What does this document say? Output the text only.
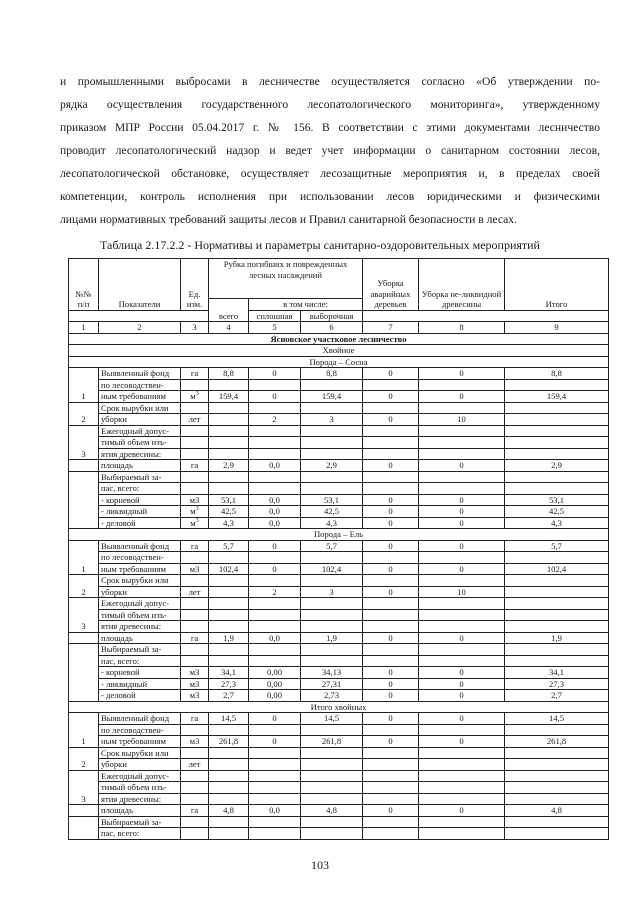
и промышленными выбросами в лесничестве осуществляется согласно «Об утверждении по-
рядка осуществления государственного лесопатологического мониторинга», утвержденному
приказом МПР России 05.04.2017 г. № 156. В соответствии с этими документами лесничество
проводит лесопатологический надзор и ведет учет информации о санитарном состоянии лесов,
лесопатологической обстановке, осуществляет лесозащитные мероприятия и, в пределах своей
компетенции, контроль исполнения при использовании лесов юридическими и физическими
лицами нормативных требований защиты лесов и Правил санитарной безопасности в лесах.
Таблица 2.17.2.2 - Нормативы и параметры санитарно-оздоровительных мероприятий
№№
п/п	Показатели	Ед.
изм.	Рубка погибших и поврежденных лесных насаждений			Уборка аварийных деревьев	Уборка не-ликвидной древесины	Итого
			всего	в том числе:				
				сплошная	выборочная			
1	2	3	4	5	6	7	8	9
Ясновское участковое лесничество								
Хвойное								
Порода – Сосна								
1	Выявленный фонд	га	8,8	0	8,8	0	0	8,8
	по лесоводствен-							
	ным требованиям	$м^3$	159,4	0	159,4	0	0	159,4
2	Срок вырубки или							
	уборки	лет		2	3	0	10	
3	Ежегодный допус-							
	тимый объем изъ-							
	ятия древесины:							
	площадь	га	2,9	0,0	2,9	0	0	2,9
	Выбираемый за-							
	пас, всего:							
	- корневой	м3	53,1	0,0	53,1	0	0	53,1
	- ликвидный	$м^3$	42,5	0,0	42,5	0	0	42,5
	- деловой	$м^3$	4,3	0,0	4,3	0	0	4,3
Порода – Ель								
1	Выявленный фонд	га	5,7	0	5,7	0	0	5,7
	по лесоводствен-							
	ным требованиям	м3	102,4	0	102,4	0	0	102,4
2	Срок вырубки или							
	уборки	лет		2	3	0	10	
3	Ежегодный допус-							
	тимый объем изъ-							
	ятия древесины:							
	площадь	га	1,9	0,0	1,9	0	0	1,9
	Выбираемый за-							
	пас, всего:							
	- корневой	м3	34,1	0,00	34,13	0	0	34,1
	- ликвидный	м3	27,3	0,00	27,31	0	0	27,3
	- деловой	м3	2,7	0,00	2,73	0	0	2,7
Итого хвойных								
1	Выявленный фонд	га	14,5	0	14,5	0	0	14,5
	по лесоводствен-							
	ным требованиям	м3	261,8	0	261,8	0	0	261,8
2	Срок вырубки или							
	уборки	лет						
3	Ежегодный допус-							
	тимый объем изъ-							
	ятия древесины:							
	площадь	га	4,8	0,0	4,8	0	0	4,8
	Выбираемый за-							
	пас, всего:							
103
